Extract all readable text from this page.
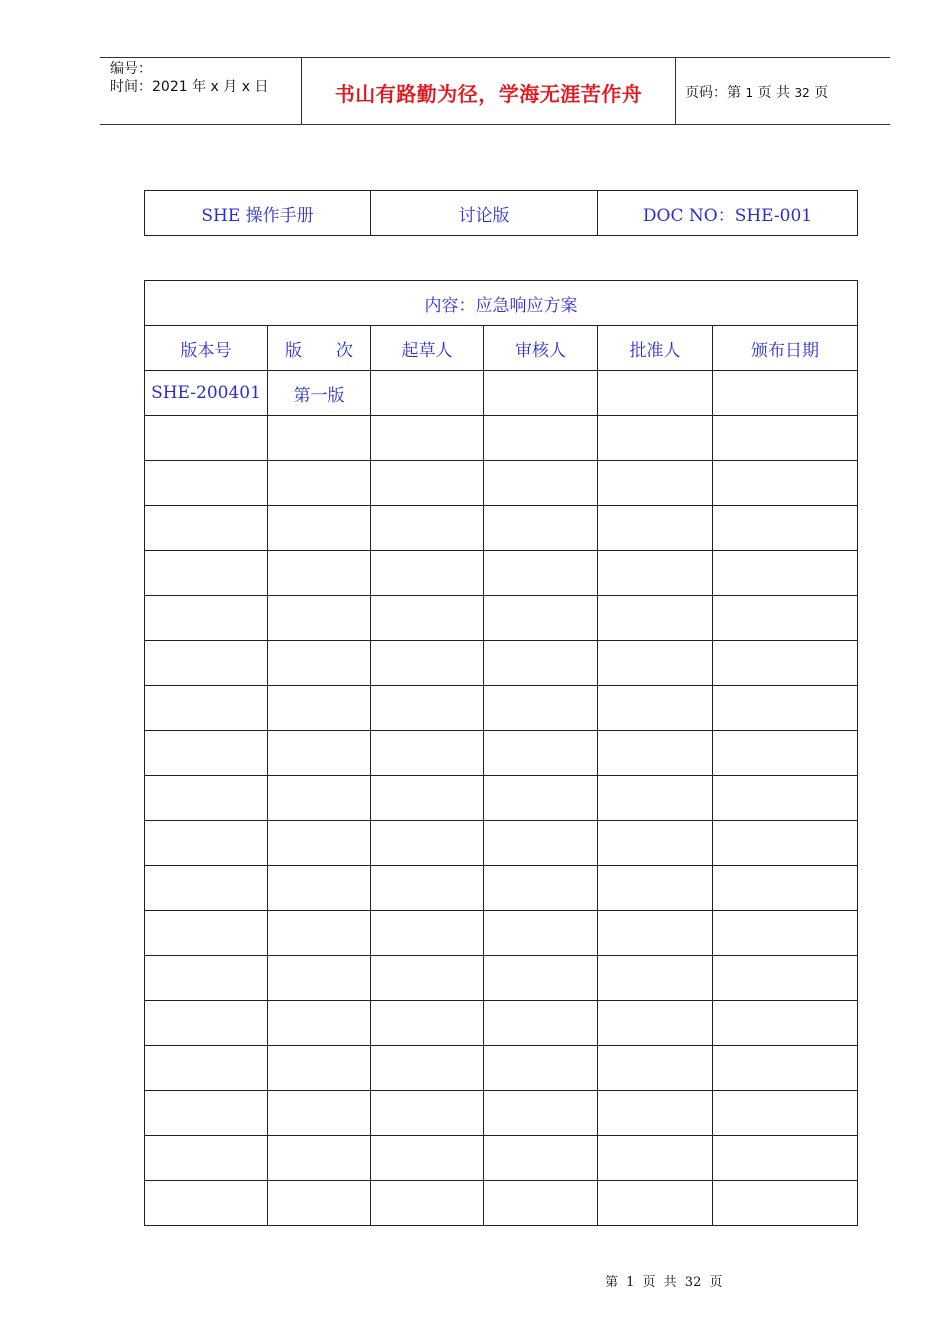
编号：
时间：2021 年 x 月 x 日	书山有路勤为径，学海无涯苦作舟	页码：第 1 页 共 32 页
SHE 操作手册	讨论版	DOC NO：SHE-001
内容：应急响应方案					
版本号	版　　次	起草人	审核人	批准人	颁布日期
SHE-200401	第一版				

第 1 页 共 32 页
